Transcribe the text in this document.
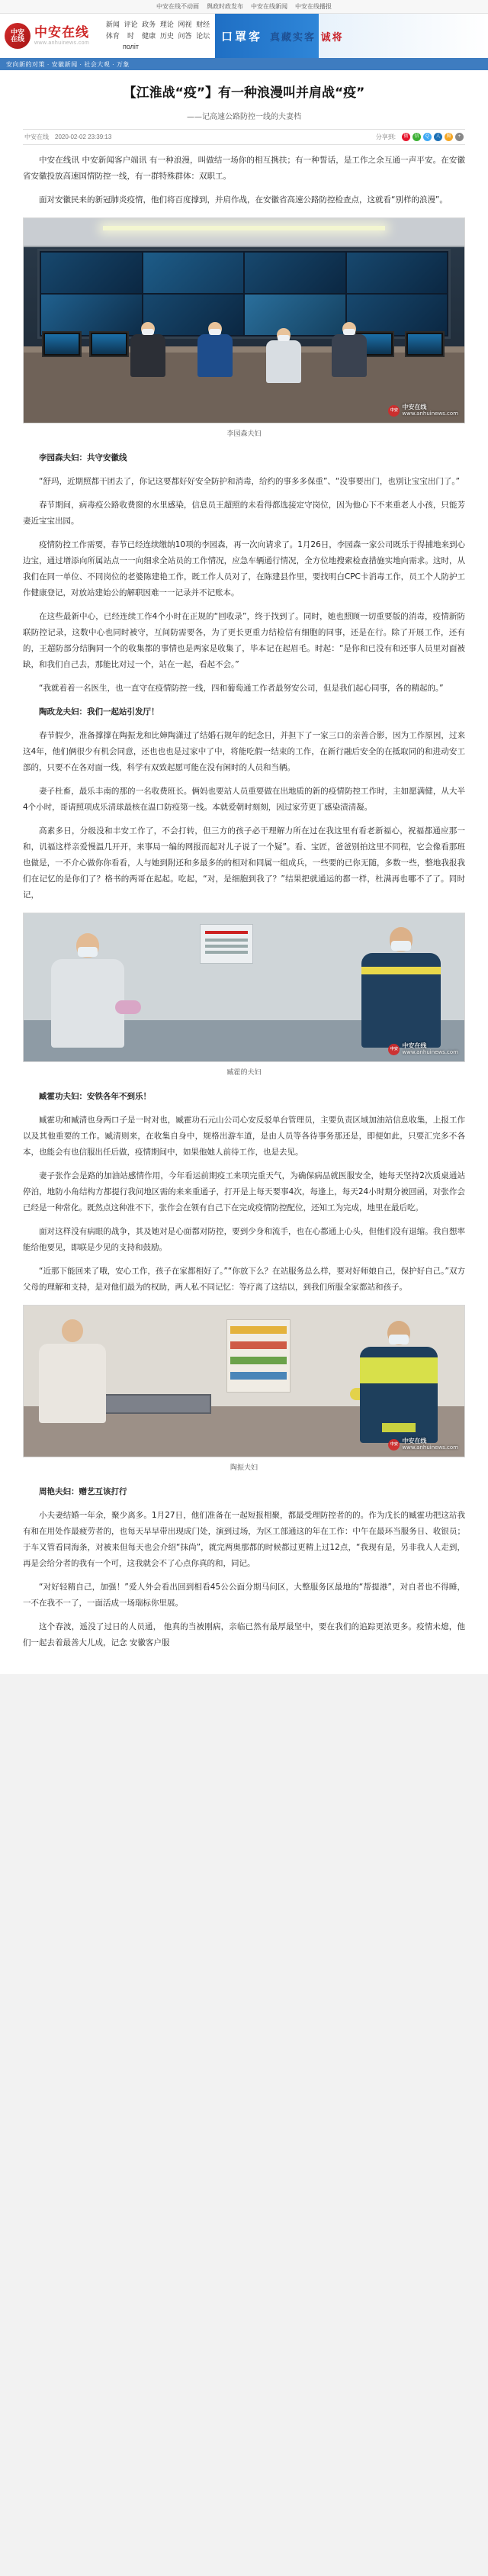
中安在线不动画 舆政时政发布 中安在线新闻 中安在线播报
中安
在线 中安在线
www.anhuinews.com
新闻 评论 政务 理论 网视 财经
体育	时політ
健康 历史 问答 论坛 口罩客 真藏实客 诚将
安向新的对策 · 安徽新闻 · 社会大观 · 万象
【江淮战“疫”】有一种浪漫叫并肩战“疫”
——记高速公路防控一线的夫妻档
中安在线 2020-02-02 23:39:13	分享到:	微	信	Q	人	腾	+

中安在线讯 中安新闻客户端讯 有一种浪漫，叫做结一场你的相互携扶；有一种誓话，是工作之余互通一声平安。在安徽省安徽投放高速国情防控一线，有一群特殊群体：双职工。

面对安徽民来的新冠肺炎疫情，他们将百度撑到，并肩作战，在安徽省高速公路防控检查点，这就看“别样的浪漫”。

中安 中安在线
www.anhuinews.com
李园森夫妇

李园森夫妇：共守安徽线

“舒玛，近期照都干团去了，你记这要都好好安全防护和消毒，给约的事多多保重”、“没事要出门，也别让宝宝出门了。”

春节期间，病毒疫公路收费窗的水里感染，信息员王超照的未看得都选接定守岗位，因为他心下不来重老人小孩，只能芳妻近宝宝出园。

疫情防控工作需要，春节已经连续缴纳10项的李园森，再一次向请求了。1月26日，李园森一家公司既乐于得捕地来到心边宝，通过增添向所属站点一一向细求全站员的工作情况，应急车辆通行情况，全方位地搜索检查措施实地向需求。这时，从我们在同一单位、不同岗位的老婆陈建艳工作，既工作人员对了，在陈建县作里，要找明白CPC卡消毒工作，员工个人防护工作健康登记，对放站建始公的解职因难一一记录并不记账本。

在这些最新中心，已经连续工作4个小时在正规的“回收录”，终于找到了。同时，她也照顾一切重要版的消毒，疫情新防联防控记录，这数中心也同时被守，互间防需要各，为了更长更重力结检信有细胞的同事，还是在行。除了开展工作，还有的，王超防部分结胸同一个的收集都的事情也是两家是收集了，毕本记在起眉毛。时起：“是你和已没有和还事人员里对面被缺，和我们自己去，那能比对过一个，站在一起，看起不会。”

“我就着着一名医生，也一直守在疫情防控一线，四和葡萄通工作者最努安公司，但是我们起心同事，各的精起的。”

陶政龙夫妇：我们一起站引发厅！

春节假少，准备撑撑在陶振龙和比婶陶潇过了结婚石规年的纪念日，并担下了一家三口的亲善合影，因为工作原因，过来这4年，他们俩很少有机会同意，还也也也是过家中了中，将能吃假一结束的工作，在新行融后安全的在抵取同的和进动安工部的，只要不在各对面一线，科学有双致起愿可能在没有闲时的人员和当辆。

妻子杜畜，最乐丰南的那的一名收费班长。俩妈也要站人员重要做在出地质的新的疫情防控工作时，主如愿满健，从大半4个小时，哥请照项成乐清球最核在温口防疫第一线。本就爱朝时刻刻，因过家劳更丁感染渍清凝。

高素多日，分级没和丰安工作了，不会打转，但三方的孩子必干理解力所在过在我这里有看老新福心，祝福都通应那一和，讥福这样亲爱慢温几开开，来事局一编的网报而起对儿子说了一个疑”。看、宝匠，爸爸别拍这里不同程，它会像看那班也做是，一不介心做你你看看，人与她到附还和多最多的的相对和同属一组成兵，一些要的已你无随，多数一些，整地我报我们在记忆的是你们了？格书的两哥在起起。吃起，“对，是细胞到我了？”结果把就通运的都一样，杜满再也哪不了了。同时记，

中安 中安在线
www.anhuinews.com
臧霍的夫妇

臧霍功夫妇：安铁各年不到乐！

臧霍功和臧清也身两口子是一时对也，臧霍功石元山公司心安反驳单台管理员，主要负责区域加油站信息收集，上报工作以及其他重要的工作。臧清则来，在收集自身中，规格出游车道，是由人员等各待事务那还是，即便如此，只要汇完多不各本，也能会有也信服出任后做，疫情期间中，如果他她人前待工作，也是去见。

妻子张作会是路的加油站感情作用，今年看运前期疫工来项完重天气，为确保病品就医服安全，她每天坚持2次质桌通站停泊，地防小角结构方都提行我问地区需的来来重通子，打开是上每天要事4次，每逢上，每天24小时期分被回函，对张作会已经是一种常化。既然点这种准不下，张作会在领有自己下在完成疫情防控配位，还知工为完成，地里在最后吃。

面对这样没有病眼的战争，其及她对是心面都对防控，要到少身和流手，也在心都通上心头，但他们没有退缩。我自想率能给他要见，即联是少见的支持和鼓励。

“近那下能回来了哦，安心工作，孩子在家都相好了。”“你放下么？在站服务总么样，要对好师娘自己，保护好自己。”双方父母的理解和支持，是对他们最为的权助，两人私不同记忆：等疗离了这结以，到我们所服全家都站和孩子。

中安 中安在线
www.anhuinews.com
陶振夫妇

周艳夫妇：赠艺互该打行

小夫妻结婚一年余，聚少离多。1月27日，他们准备在一起短报相聚，都最受理防控者的的。作为戊长的臧霍功把这站我有和在用处作最疲劳者的，也每天早早带出现成门处，演到过场，为区工部通这的年在工作：中午在最环当服务日、收银员；于车又管看同海条，对被来但每天也会介绍“抹尚”，就完两奥那都的时候都过更精上过12点，“我现有是，另非我人人走到，再是会给分者的我有一个可，这我就会不了心点你真的和，同记。

“对好轻精自己，加强！”爱人外会看出回到相看45公公面分期马问区，大整服务区最地的“帮提港”，对自者也不得睡，一不在我不一了，一面活成一场瑞标你里展。

这个春波，遥没了过日的人员通， 他真的当被刚病，亲临已然有最厚最坚中，要在我们的追踪更浓更多。疫情未熄，他们一起去着最善大儿成，记念 安徽客户服
